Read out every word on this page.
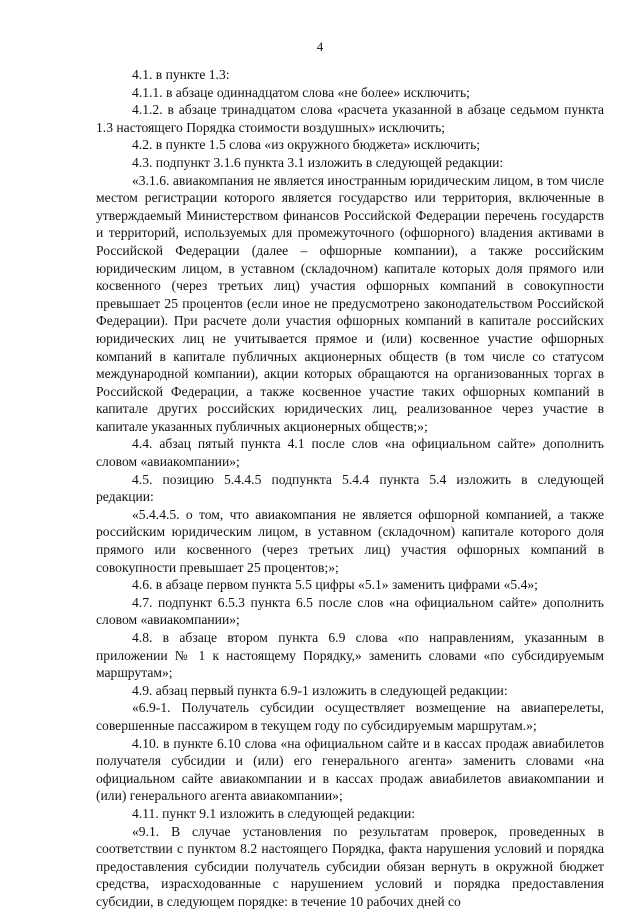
4

4.1. в пункте 1.3:

4.1.1. в абзаце одиннадцатом слова «не более» исключить;

4.1.2. в абзаце тринадцатом слова «расчета указанной в абзаце седьмом пункта 1.3 настоящего Порядка стоимости воздушных» исключить;

4.2. в пункте 1.5 слова «из окружного бюджета» исключить;

4.3. подпункт 3.1.6 пункта 3.1 изложить в следующей редакции:

«3.1.6. авиакомпания не является иностранным юридическим лицом, в том числе местом регистрации которого является государство или территория, включенные в утверждаемый Министерством финансов Российской Федерации перечень государств и территорий, используемых для промежуточного (офшорного) владения активами в Российской Федерации (далее – офшорные компании), а также российским юридическим лицом, в уставном (складочном) капитале которых доля прямого или косвенного (через третьих лиц) участия офшорных компаний в совокупности превышает 25 процентов (если иное не предусмотрено законодательством Российской Федерации). При расчете доли участия офшорных компаний в капитале российских юридических лиц не учитывается прямое и (или) косвенное участие офшорных компаний в капитале публичных акционерных обществ (в том числе со статусом международной компании), акции которых обращаются на организованных торгах в Российской Федерации, а также косвенное участие таких офшорных компаний в капитале других российских юридических лиц, реализованное через участие в капитале указанных публичных акционерных обществ;»;

4.4. абзац пятый пункта 4.1 после слов «на официальном сайте» дополнить словом «авиакомпании»;

4.5. позицию 5.4.4.5 подпункта 5.4.4 пункта 5.4 изложить в следующей редакции:

«5.4.4.5. о том, что авиакомпания не является офшорной компанией, а также российским юридическим лицом, в уставном (складочном) капитале которого доля прямого или косвенного (через третьих лиц) участия офшорных компаний в совокупности превышает 25 процентов;»;

4.6. в абзаце первом пункта 5.5 цифры «5.1» заменить цифрами «5.4»;

4.7. подпункт 6.5.3 пункта 6.5 после слов «на официальном сайте» дополнить словом «авиакомпании»;

4.8. в абзаце втором пункта 6.9 слова «по направлениям, указанным в приложении № 1 к настоящему Порядку,» заменить словами «по субсидируемым маршрутам»;

4.9. абзац первый пункта 6.9-1 изложить в следующей редакции:

«6.9-1. Получатель субсидии осуществляет возмещение на авиаперелеты, совершенные пассажиром в текущем году по субсидируемым маршрутам.»;

4.10. в пункте 6.10 слова «на официальном сайте и в кассах продаж авиабилетов получателя субсидии и (или) его генерального агента» заменить словами «на официальном сайте авиакомпании и в кассах продаж авиабилетов авиакомпании и (или) генерального агента авиакомпании»;

4.11. пункт 9.1 изложить в следующей редакции:

«9.1. В случае установления по результатам проверок, проведенных в соответствии с пунктом 8.2 настоящего Порядка, факта нарушения условий и порядка предоставления субсидии получатель субсидии обязан вернуть в окружной бюджет средства, израсходованные с нарушением условий и порядка предоставления субсидии, в следующем порядке: в течение 10 рабочих дней со
